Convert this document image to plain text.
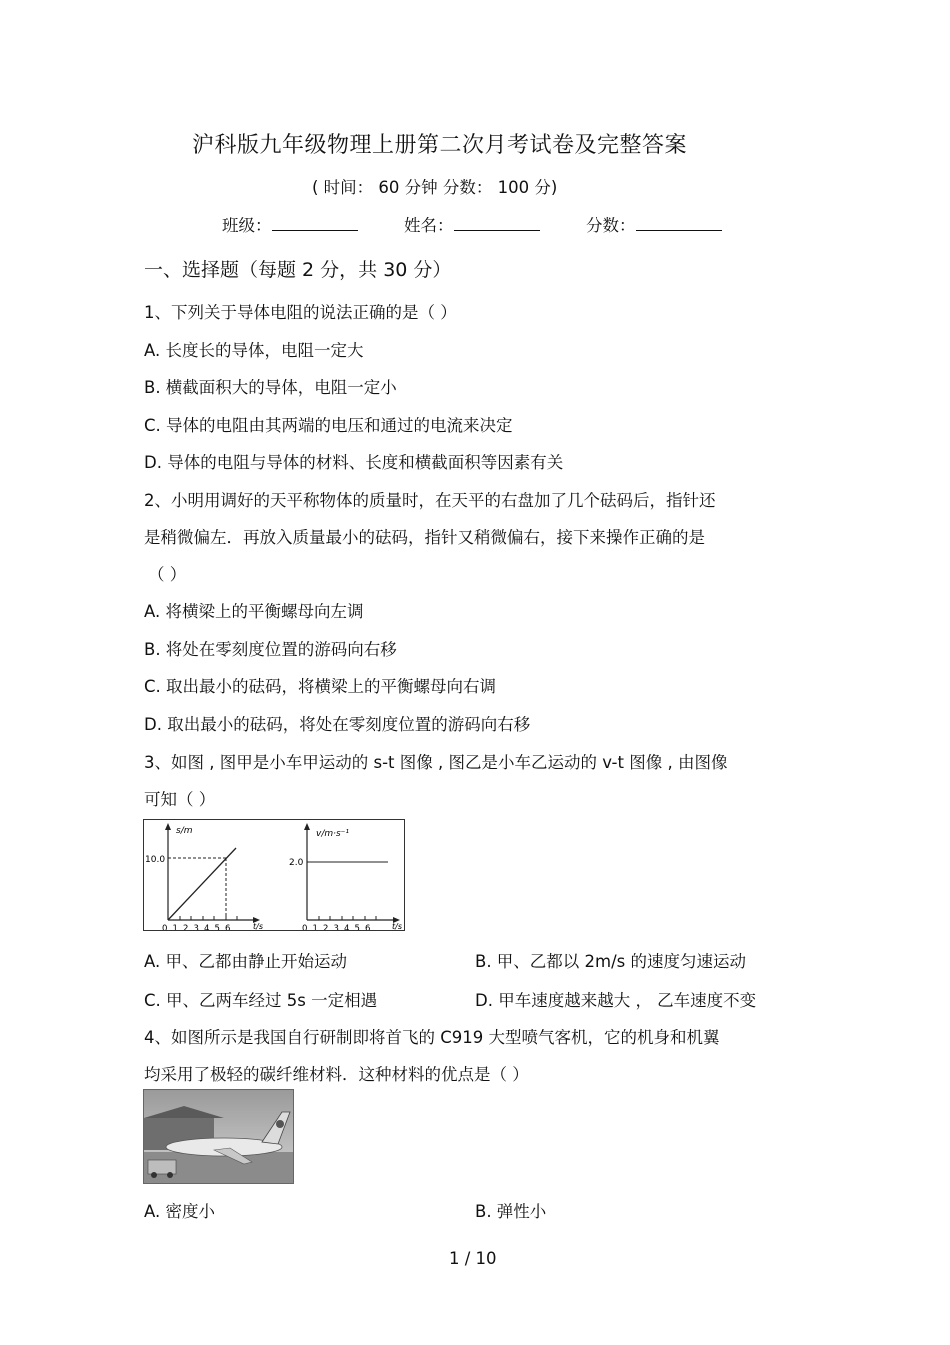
沪科版九年级物理上册第二次月考试卷及完整答案
( 时间： 60 分钟 分数： 100 分)
班级：	姓名：	分数：
一、选择题（每题 2 分，共 30 分）
1、下列关于导体电阻的说法正确的是（ ）
A. 长度长的导体，电阻一定大
B. 横截面积大的导体，电阻一定小
C. 导体的电阻由其两端的电压和通过的电流来决定
D. 导体的电阻与导体的材料、长度和横截面积等因素有关
2、小明用调好的天平称物体的质量时，在天平的右盘加了几个砝码后，指针还
是稍微偏左．再放入质量最小的砝码，指针又稍微偏右，接下来操作正确的是
（ ）
A. 将横梁上的平衡螺母向左调
B. 将处在零刻度位置的游码向右移
C. 取出最小的砝码，将横梁上的平衡螺母向右调
D. 取出最小的砝码，将处在零刻度位置的游码向右移
3、如图 , 图甲是小车甲运动的 s-t 图像 , 图乙是小车乙运动的 v-t 图像 , 由图像
可知（ ）
s/m
10.0
t/s
0 1 2 3 4 5 6
v/m·s⁻¹
2.0
t/s
0 1 2 3 4 5 6
A. 甲、乙都由静止开始运动	B. 甲、乙都以 2m/s 的速度匀速运动
C. 甲、乙两车经过 5s 一定相遇	D. 甲车速度越来越大 ， 乙车速度不变
4、如图所示是我国自行研制即将首飞的 C919 大型喷气客机，它的机身和机翼
均采用了极轻的碳纤维材料．这种材料的优点是（ ）
A. 密度小	B. 弹性小
1 / 10
